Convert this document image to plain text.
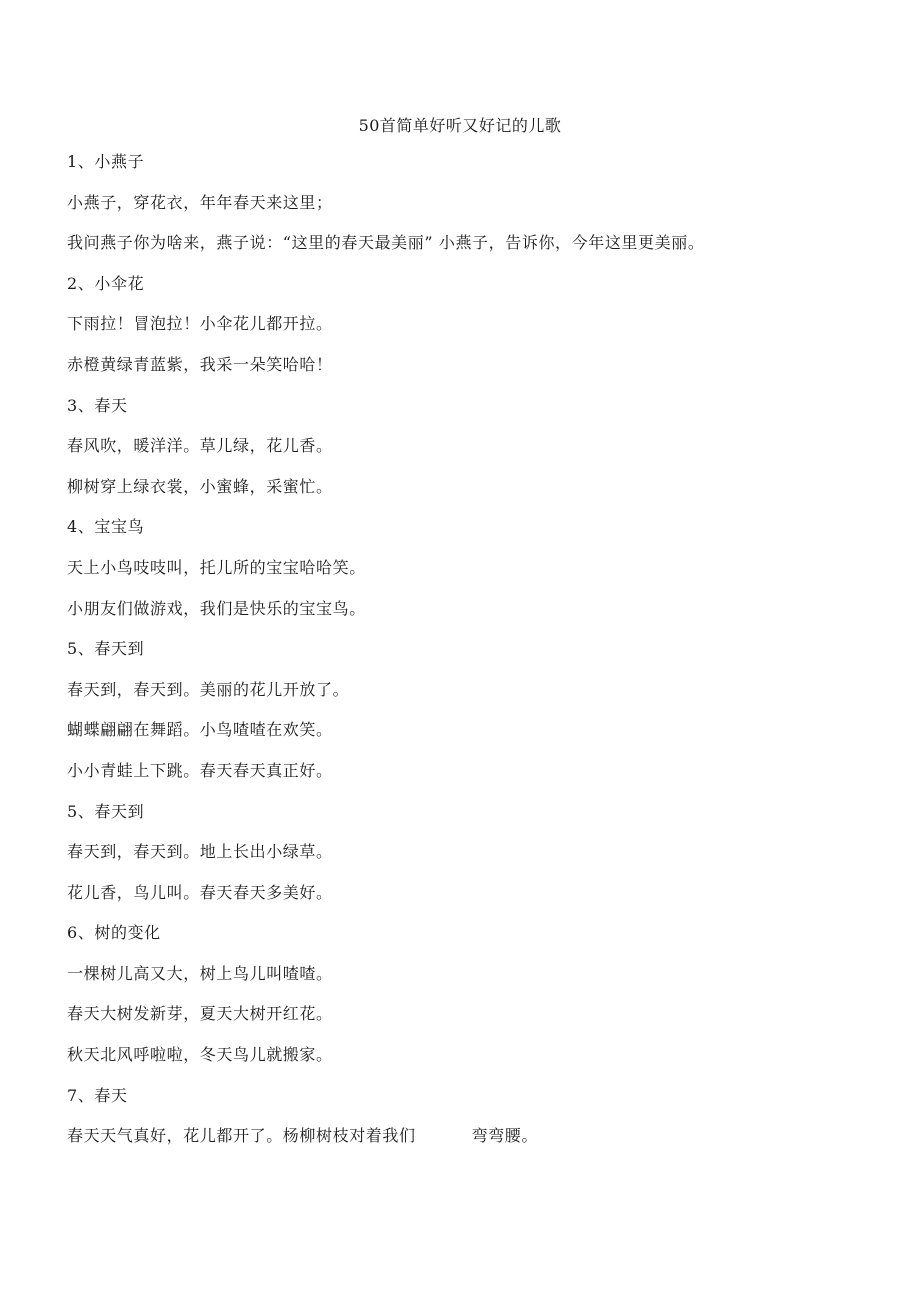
50首简单好听又好记的儿歌
1、小燕子
小燕子，穿花衣，年年春天来这里；
我问燕子你为啥来，燕子说：“这里的春天最美丽” 小燕子，告诉你，今年这里更美丽。
2、小伞花
下雨拉！冒泡拉！小伞花儿都开拉。
赤橙黄绿青蓝紫，我采一朵笑哈哈！
3、春天
春风吹，暖洋洋。草儿绿，花儿香。
柳树穿上绿衣裳，小蜜蜂，采蜜忙。
4、宝宝鸟
天上小鸟吱吱叫，托儿所的宝宝哈哈笑。
小朋友们做游戏，我们是快乐的宝宝鸟。
5、春天到
春天到，春天到。美丽的花儿开放了。
蝴蝶翩翩在舞蹈。小鸟喳喳在欢笑。
小小青蛙上下跳。春天春天真正好。
5、春天到
春天到，春天到。地上长出小绿草。
花儿香，鸟儿叫。春天春天多美好。
6、树的变化
一棵树儿高又大，树上鸟儿叫喳喳。
春天大树发新芽，夏天大树开红花。
秋天北风呼啦啦，冬天鸟儿就搬家。
7、春天
春天天气真好，花儿都开了。杨柳树枝对着我们	弯弯腰。
